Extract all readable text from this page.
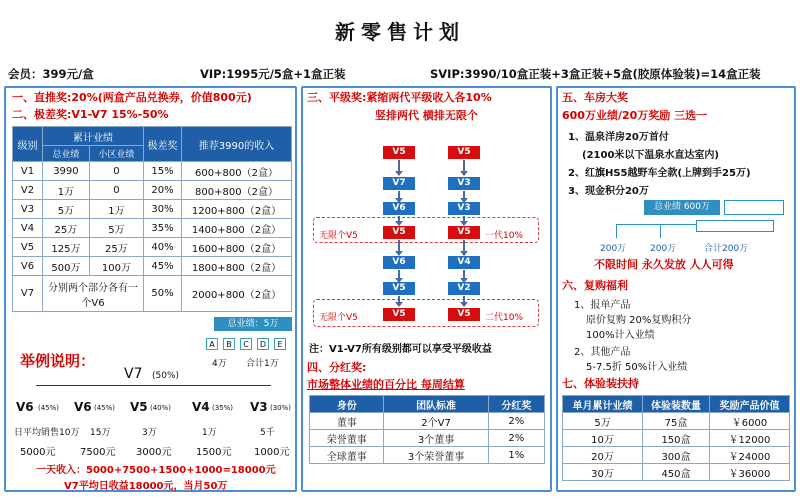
新零售计划
会员：399元/盒	VIP:1995元/5盒+1盒正装	SVIP:3990/10盒正装+3盒正装+5盒(胶原体验装)=14盒正装
一、直推奖:20%(两盒产品兑换券，价值800元)
二、极差奖:V1-V7 15%-50%
级别	累计业绩		极差奖	推荐3990的收入
	总业绩	小区业绩		
V1	3990	0	15%	600+800（2盒）
V2	1万	0	20%	800+800（2盒）
V3	5万	1万	30%	1200+800（2盒）
V4	25万	5万	35%	1400+800（2盒）
V5	125万	25万	40%	1600+800（2盒）
V6	500万	100万	45%	1800+800（2盒）
V7	分别两个部分各有一个V6		50%	2000+800（2盒）
总业绩：5万
A	B	C	D	E
4万 合计1万
举例说明：
V7 (50%)
V6 (45%) V6 (45%) V5 (40%) V4 (35%) V3 (30%)
日平均销售10万 15万	3万	1万	5千
5000元 7500元 3000元 1500元 1000元
一天收入：5000+7500+1500+1000=18000元
V7平均日收益18000元，当月50万
三、平级奖:紧缩两代平级收入各10%
竖排两代 横排无限个
V5
V7
V6
V5
V6
V5
V5
V5
V3
V3
V5
V4
V2
V5
无限个V5	一代10%
无限个V5	二代10%
注：V1-V7所有级别都可以享受平级收益
四、分红奖:
市场整体业绩的百分比 每周结算
身份	团队标准	分红奖
董事	2个V7	2%
荣誉董事	3个董事	2%
全球董事	3个荣誉董事	1%
五、车房大奖
600万业绩/20万奖励 三选一
1、温泉洋房20万首付
(2100米以下温泉水直达室内)
2、红旗HS5越野车全款(上牌到手25万)
3、现金积分20万
总业绩 600万
200万	200万	合计200万
不限时间 永久发放 人人可得
六、复购福利
1、报单产品
原价复购 20%复购积分
100%计入业绩
2、其他产品
5-7.5折 50%计入业绩
七、体验装扶持
单月累计业绩	体验装数量	奖励产品价值
5万	75盒	￥6000
10万	150盒	￥12000
20万	300盒	￥24000
30万	450盒	￥36000
